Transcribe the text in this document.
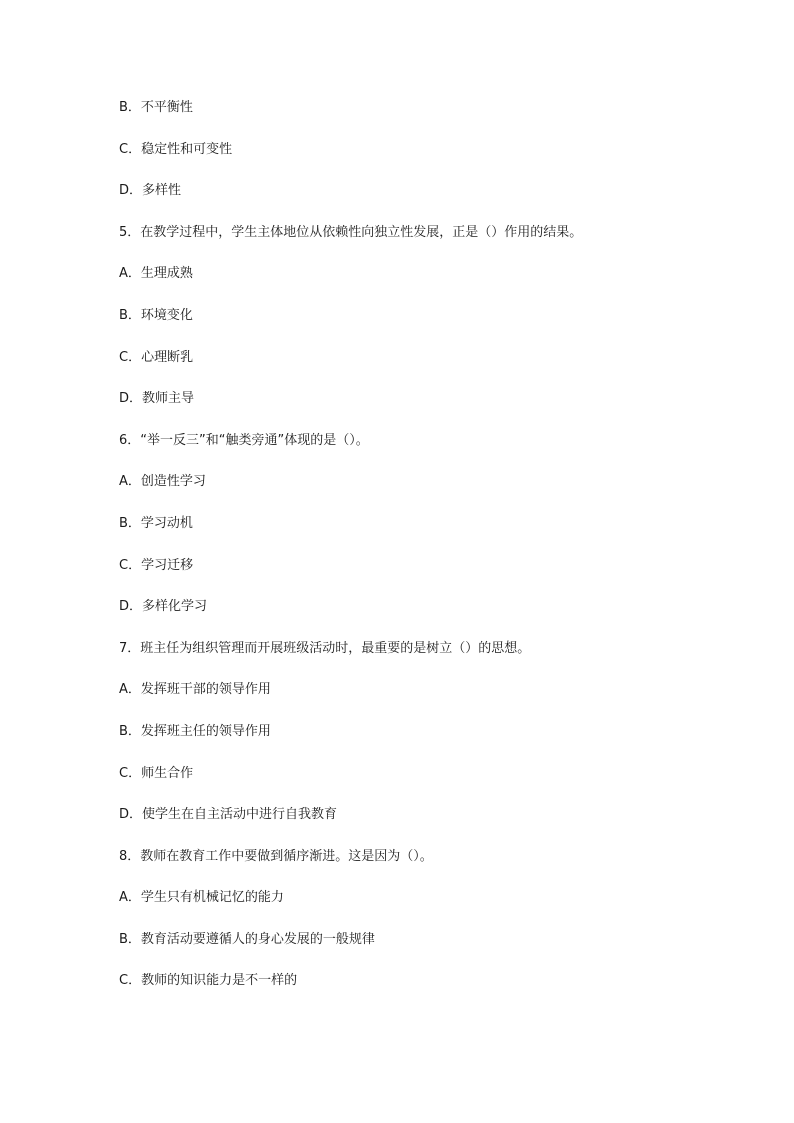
B．不平衡性
C．稳定性和可变性
D．多样性
5．在教学过程中，学生主体地位从依赖性向独立性发展，正是（）作用的结果。
A．生理成熟
B．环境变化
C．心理断乳
D．教师主导
6．“举一反三”和“触类旁通”体现的是（）。
A．创造性学习
B．学习动机
C．学习迁移
D．多样化学习
7．班主任为组织管理而开展班级活动时，最重要的是树立（）的思想。
A．发挥班干部的领导作用
B．发挥班主任的领导作用
C．师生合作
D．使学生在自主活动中进行自我教育
8．教师在教育工作中要做到循序渐进。这是因为（）。
A．学生只有机械记忆的能力
B．教育活动要遵循人的身心发展的一般规律
C．教师的知识能力是不一样的
